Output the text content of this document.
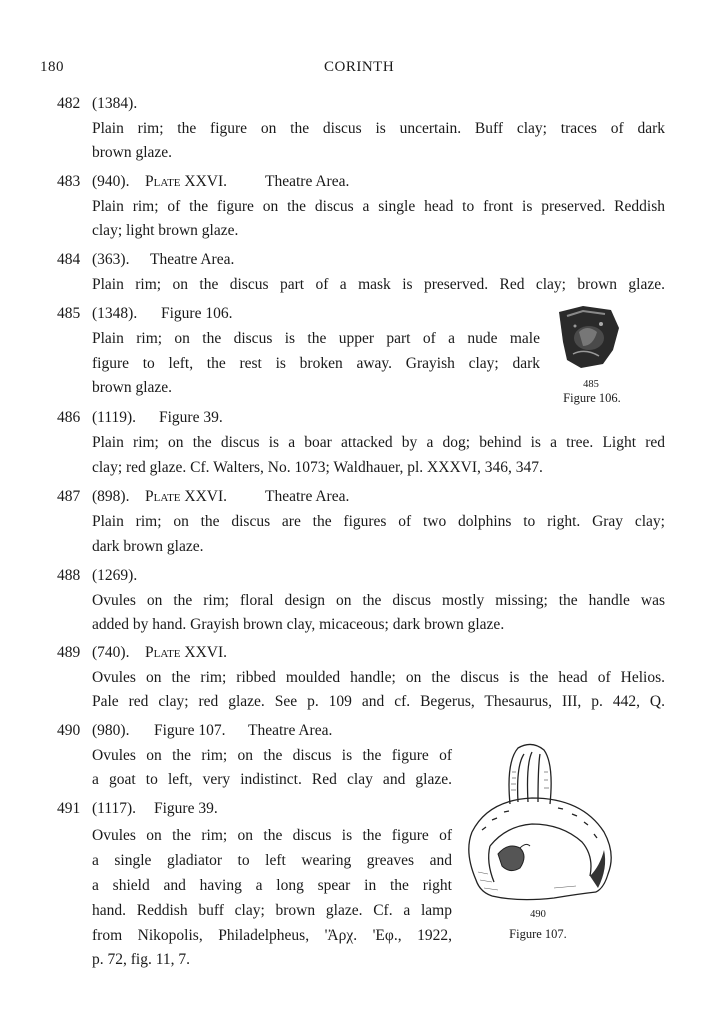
180	CORINTH
482 (1384).
Plain rim; the figure on the discus is uncertain. Buff clay; traces of dark
brown glaze.
483 (940). Plate XXVI. Theatre Area.
Plain rim; of the figure on the discus a single head to front is preserved. Reddish
clay; light brown glaze.
484 (363). Theatre Area.
Plain rim; on the discus part of a mask is preserved. Red clay; brown glaze.
485 (1348). Figure 106.
Plain rim; on the discus is the upper part of a nude male
figure to left, the rest is broken away. Grayish clay; dark
brown glaze.	485
Figure 106.
486 (1119). Figure 39.
Plain rim; on the discus is a boar attacked by a dog; behind is a tree. Light red
clay; red glaze. Cf. Walters, No. 1073; Waldhauer, pl. XXXVI, 346, 347.
487 (898). Plate XXVI. Theatre Area.
Plain rim; on the discus are the figures of two dolphins to right. Gray clay;
dark brown glaze.
488 (1269).
Ovules on the rim; floral design on the discus mostly missing; the handle was
added by hand. Grayish brown clay, micaceous; dark brown glaze.
489 (740). Plate XXVI.
Ovules on the rim; ribbed moulded handle; on the discus is the head of Helios.
Pale red clay; red glaze. See p. 109 and cf. Begerus, Thesaurus, III, p. 442, Q.
490 (980). Figure 107. Theatre Area.
Ovules on the rim; on the discus is the figure of
a goat to left, very indistinct. Red clay and glaze.
491 (1117). Figure 39.
Ovules on the rim; on the discus is the figure of
a single gladiator to left wearing greaves and
a shield and having a long spear in the right
hand. Reddish buff clay; brown glaze. Cf. a lamp
from Nikopolis, Philadelpheus, 'Ἀρχ. 'Εφ., 1922,
p. 72, fig. 11, 7.
490
Figure 107.
